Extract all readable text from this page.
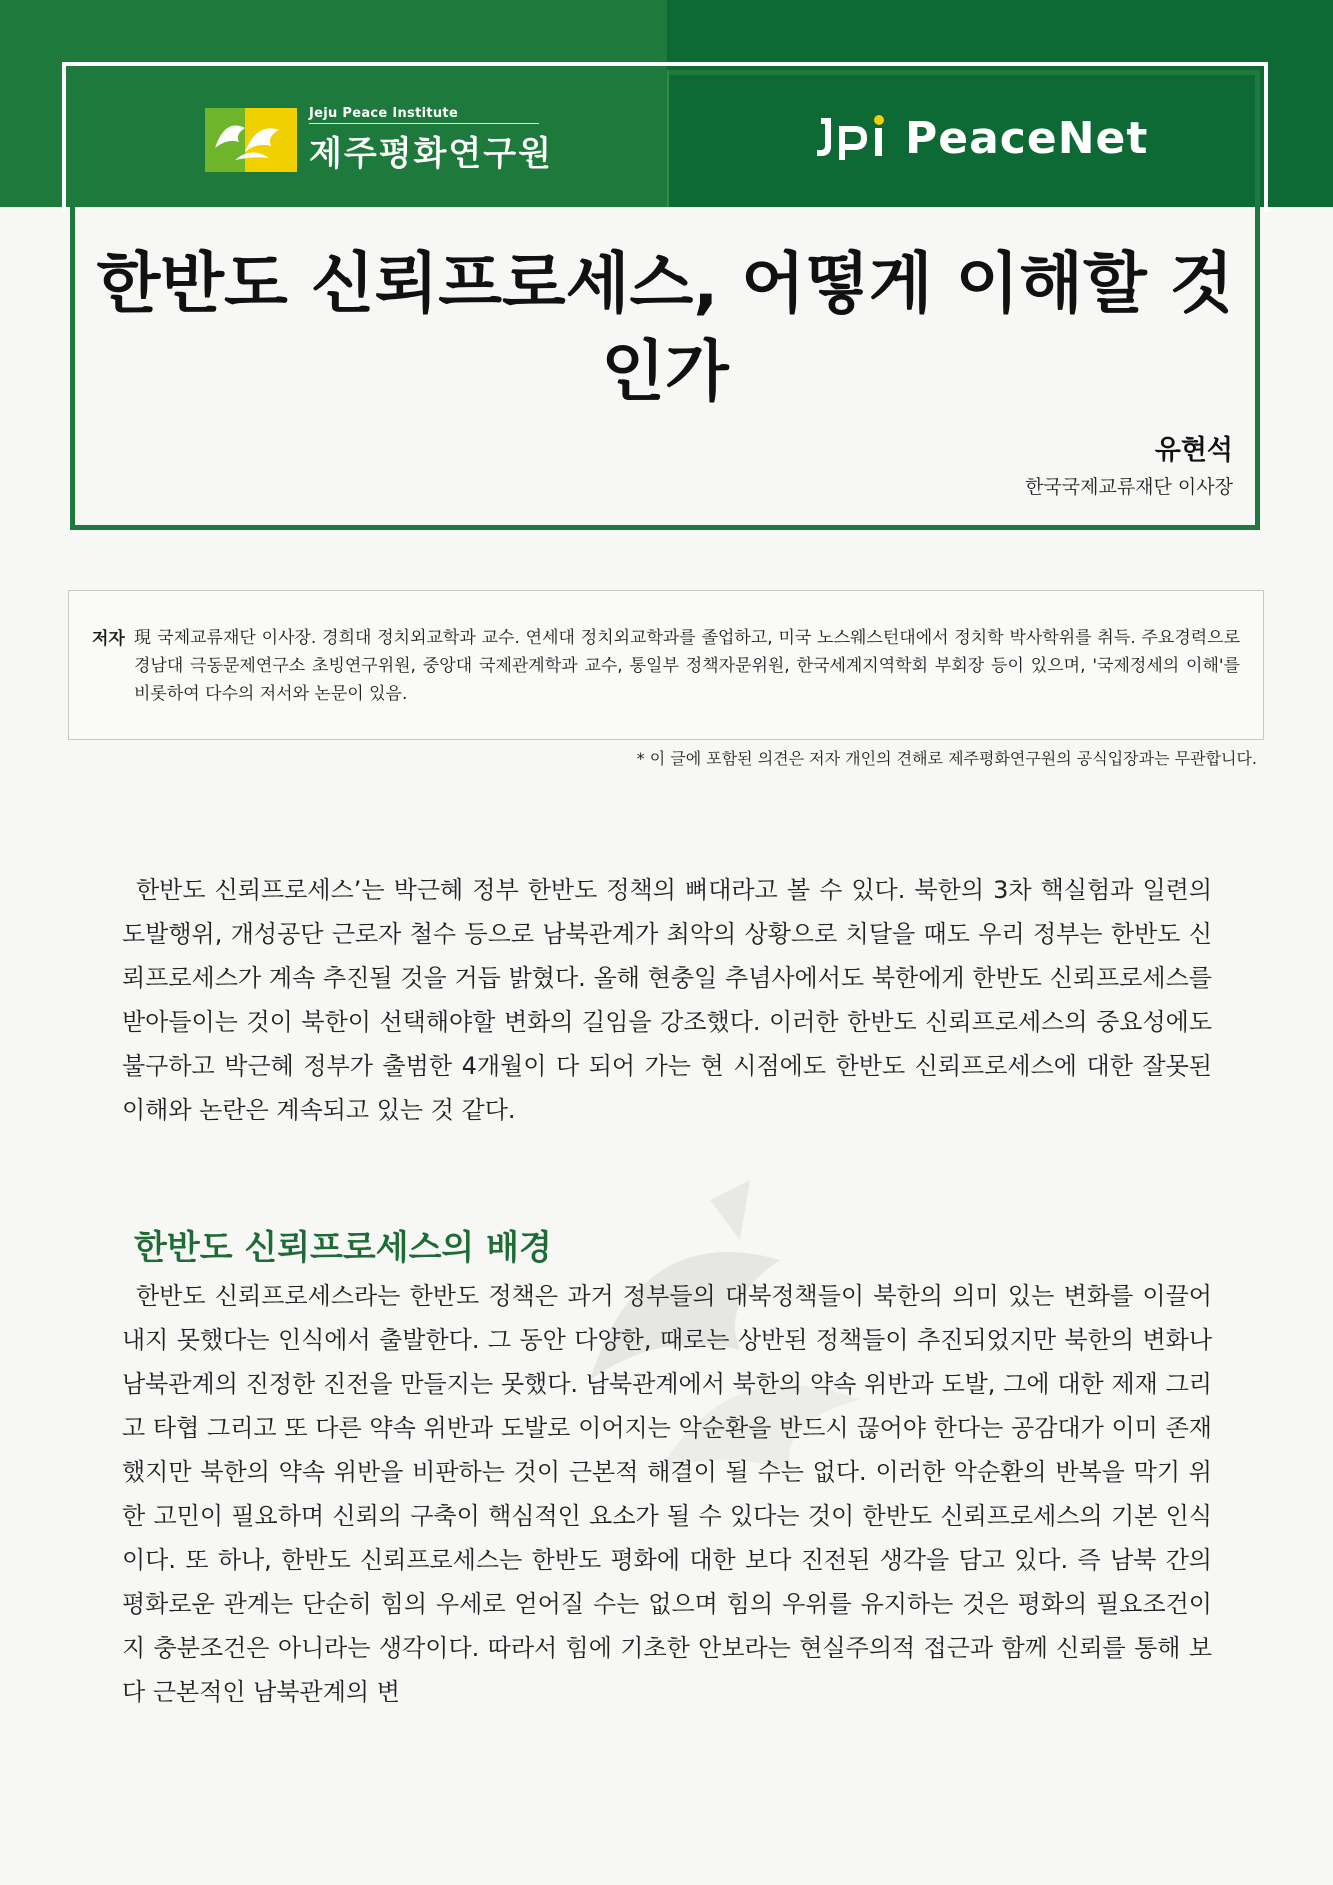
Jeju Peace Institute
제주평화연구원	PeaceNet
한반도 신뢰프로세스, 어떻게 이해할 것인가
유현석
한국국제교류재단 이사장
저자 現 국제교류재단 이사장. 경희대 정치외교학과 교수. 연세대 정치외교학과를 졸업하고, 미국 노스웨스턴대에서 정치학 박사학위를 취득. 주요경력으로 경남대 극동문제연구소 초빙연구위원, 중앙대 국제관계학과 교수, 통일부 정책자문위원, 한국세계지역학회 부회장 등이 있으며, '국제정세의 이해'를 비롯하여 다수의 저서와 논문이 있음.
* 이 글에 포함된 의견은 저자 개인의 견해로 제주평화연구원의 공식입장과는 무관합니다.
한반도 신뢰프로세스’는 박근혜 정부 한반도 정책의 뼈대라고 볼 수 있다. 북한의 3차 핵실험과 일련의 도발행위, 개성공단 근로자 철수 등으로 남북관계가 최악의 상황으로 치달을 때도 우리 정부는 한반도 신뢰프로세스가 계속 추진될 것을 거듭 밝혔다. 올해 현충일 추념사에서도 북한에게 한반도 신뢰프로세스를 받아들이는 것이 북한이 선택해야할 변화의 길임을 강조했다. 이러한 한반도 신뢰프로세스의 중요성에도 불구하고 박근혜 정부가 출범한 4개월이 다 되어 가는 현 시점에도 한반도 신뢰프로세스에 대한 잘못된 이해와 논란은 계속되고 있는 것 같다.
한반도 신뢰프로세스의 배경
한반도 신뢰프로세스라는 한반도 정책은 과거 정부들의 대북정책들이 북한의 의미 있는 변화를 이끌어내지 못했다는 인식에서 출발한다. 그 동안 다양한, 때로는 상반된 정책들이 추진되었지만 북한의 변화나 남북관계의 진정한 진전을 만들지는 못했다. 남북관계에서 북한의 약속 위반과 도발, 그에 대한 제재 그리고 타협 그리고 또 다른 약속 위반과 도발로 이어지는 악순환을 반드시 끊어야 한다는 공감대가 이미 존재했지만 북한의 약속 위반을 비판하는 것이 근본적 해결이 될 수는 없다. 이러한 악순환의 반복을 막기 위한 고민이 필요하며 신뢰의 구축이 핵심적인 요소가 될 수 있다는 것이 한반도 신뢰프로세스의 기본 인식이다. 또 하나, 한반도 신뢰프로세스는 한반도 평화에 대한 보다 진전된 생각을 담고 있다. 즉 남북 간의 평화로운 관계는 단순히 힘의 우세로 얻어질 수는 없으며 힘의 우위를 유지하는 것은 평화의 필요조건이지 충분조건은 아니라는 생각이다. 따라서 힘에 기초한 안보라는 현실주의적 접근과 함께 신뢰를 통해 보다 근본적인 남북관계의 변
